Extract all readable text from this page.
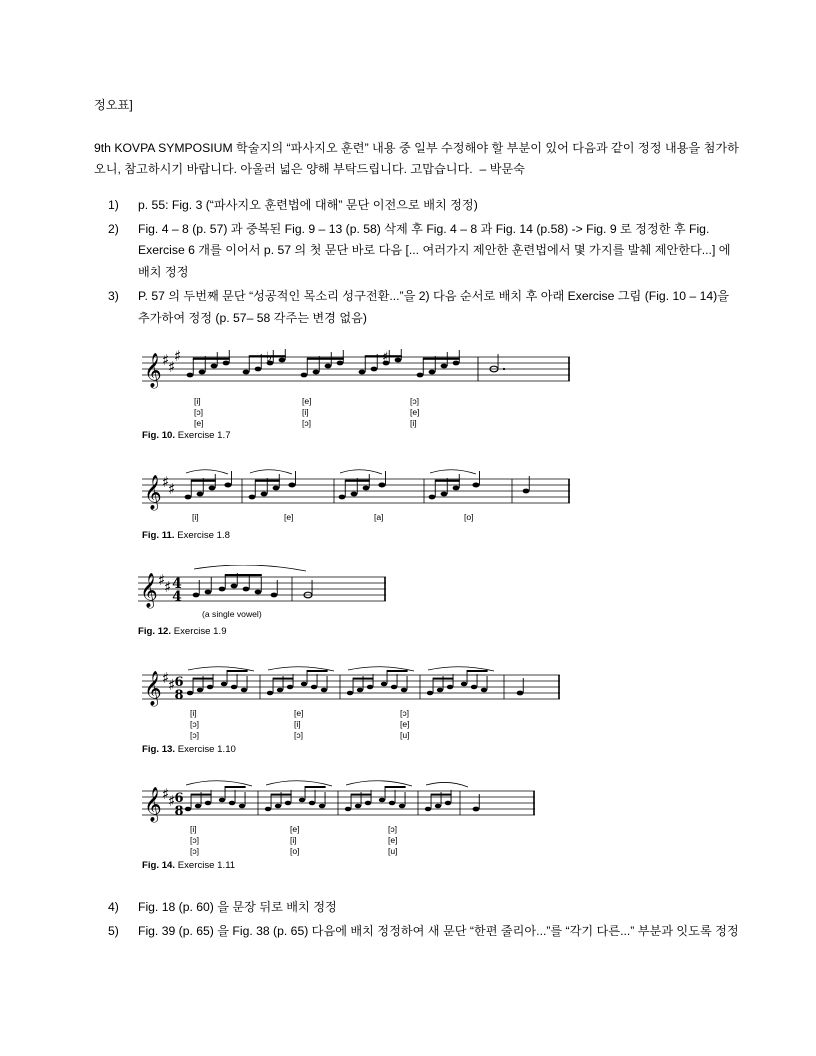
정오표]

9th KOVPA SYMPOSIUM 학술지의 “파사지오 훈련” 내용 중 일부 수정해야 할 부분이 있어 다음과 같이 정정 내용을 첨가하오니, 참고하시기 바랍니다. 아울러 넓은 양해 부탁드립니다. 고맙습니다. – 박문숙

1) p. 55: Fig. 3 (“파사지오 훈련법에 대해” 문단 이전으로 배치 정정)
2) Fig. 4 – 8 (p. 57) 과 중복된 Fig. 9 – 13 (p. 58) 삭제 후 Fig. 4 – 8 과 Fig. 14 (p.58) -> Fig. 9 로 정정한 후 Fig. Exercise 6 개를 이어서 p. 57 의 첫 문단 바로 다음 [... 여러가지 제안한 훈련법에서 몇 가지를 발췌 제안한다...] 에 배치 정정
3) P. 57 의 두번째 문단 “성공적인 목소리 성구전환...”을 2) 다음 순서로 배치 후 아래 Exercise 그림 (Fig. 10 – 14)을 추가하여 정정 (p. 57– 58 각주는 변경 없음)
𝄞 ♯
♯
♯	♭	♯
[i]
[ɔ]
[e]
[e]
[i]
[ɔ]
[ɔ]
[e]
[i]

Fig. 10. Exercise 1.7

𝄞 ♯
♯
[i]	[e]	[a]	[o]

Fig. 11. Exercise 1.8

𝄞 ♯
♯ 4
4
(a single vowel)

Fig. 12. Exercise 1.9

𝄞 ♯
♯ 6
8
[i]
[ɔ]
[ɔ]
[e]
[i]
[ɔ]
[ɔ]
[e]
[u]

Fig. 13. Exercise 1.10

𝄞 ♯
♯ 6
8
[i]
[ɔ]
[ɔ]
[e]
[i]
[o]
[ɔ]
[e]
[u]

Fig. 14. Exercise 1.11

4) Fig. 18 (p. 60) 을 문장 뒤로 배치 정정
5) Fig. 39 (p. 65) 을 Fig. 38 (p. 65) 다음에 배치 정정하여 새 문단 “한편 줄리아...”를 “각기 다른...” 부분과 잇도록 정정
